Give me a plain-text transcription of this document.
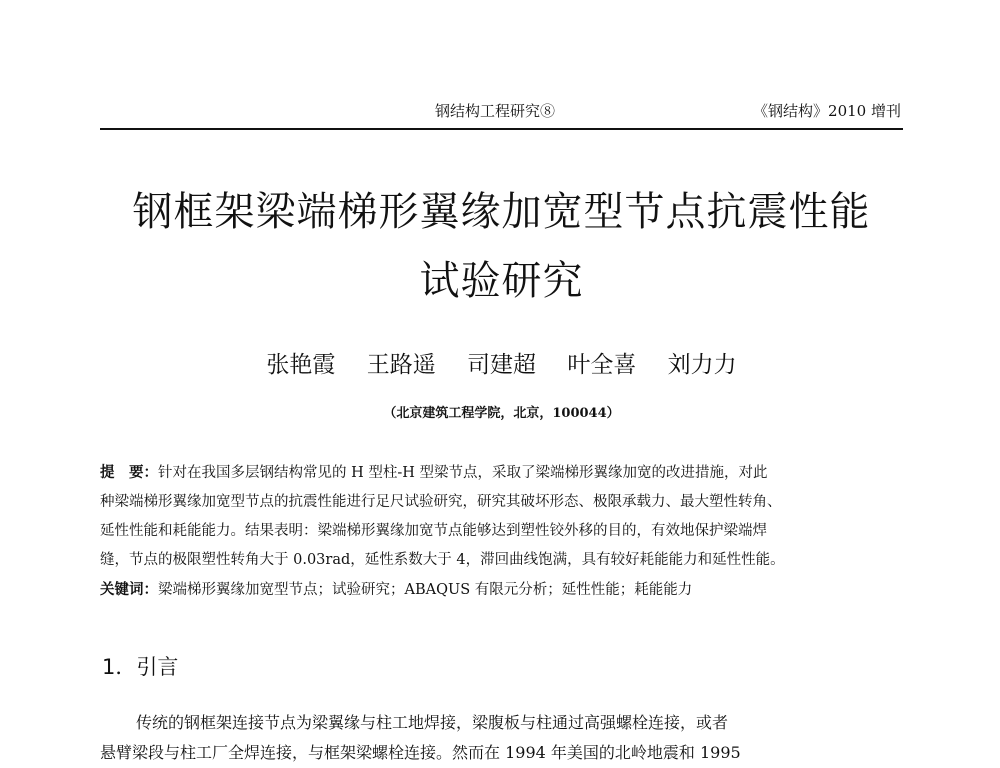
钢结构工程研究⑧	《钢结构》2010 增刊
钢框架梁端梯形翼缘加宽型节点抗震性能
试验研究
张艳霞 王路遥 司建超 叶全喜 刘力力
（北京建筑工程学院，北京，100044）
提　要：针对在我国多层钢结构常见的 H 型柱-H 型梁节点，采取了梁端梯形翼缘加宽的改进措施，对此
种梁端梯形翼缘加宽型节点的抗震性能进行足尺试验研究，研究其破坏形态、极限承载力、最大塑性转角、
延性性能和耗能能力。结果表明：梁端梯形翼缘加宽节点能够达到塑性铰外移的目的，有效地保护梁端焊
缝，节点的极限塑性转角大于 0.03rad，延性系数大于 4，滞回曲线饱满，具有较好耗能能力和延性性能。
关键词：梁端梯形翼缘加宽型节点；试验研究；ABAQUS 有限元分析；延性性能；耗能能力
1．引言
传统的钢框架连接节点为梁翼缘与柱工地焊接，梁腹板与柱通过高强螺栓连接，或者
悬臂梁段与柱工厂全焊连接，与框架梁螺栓连接。然而在 1994 年美国的北岭地震和 1995
